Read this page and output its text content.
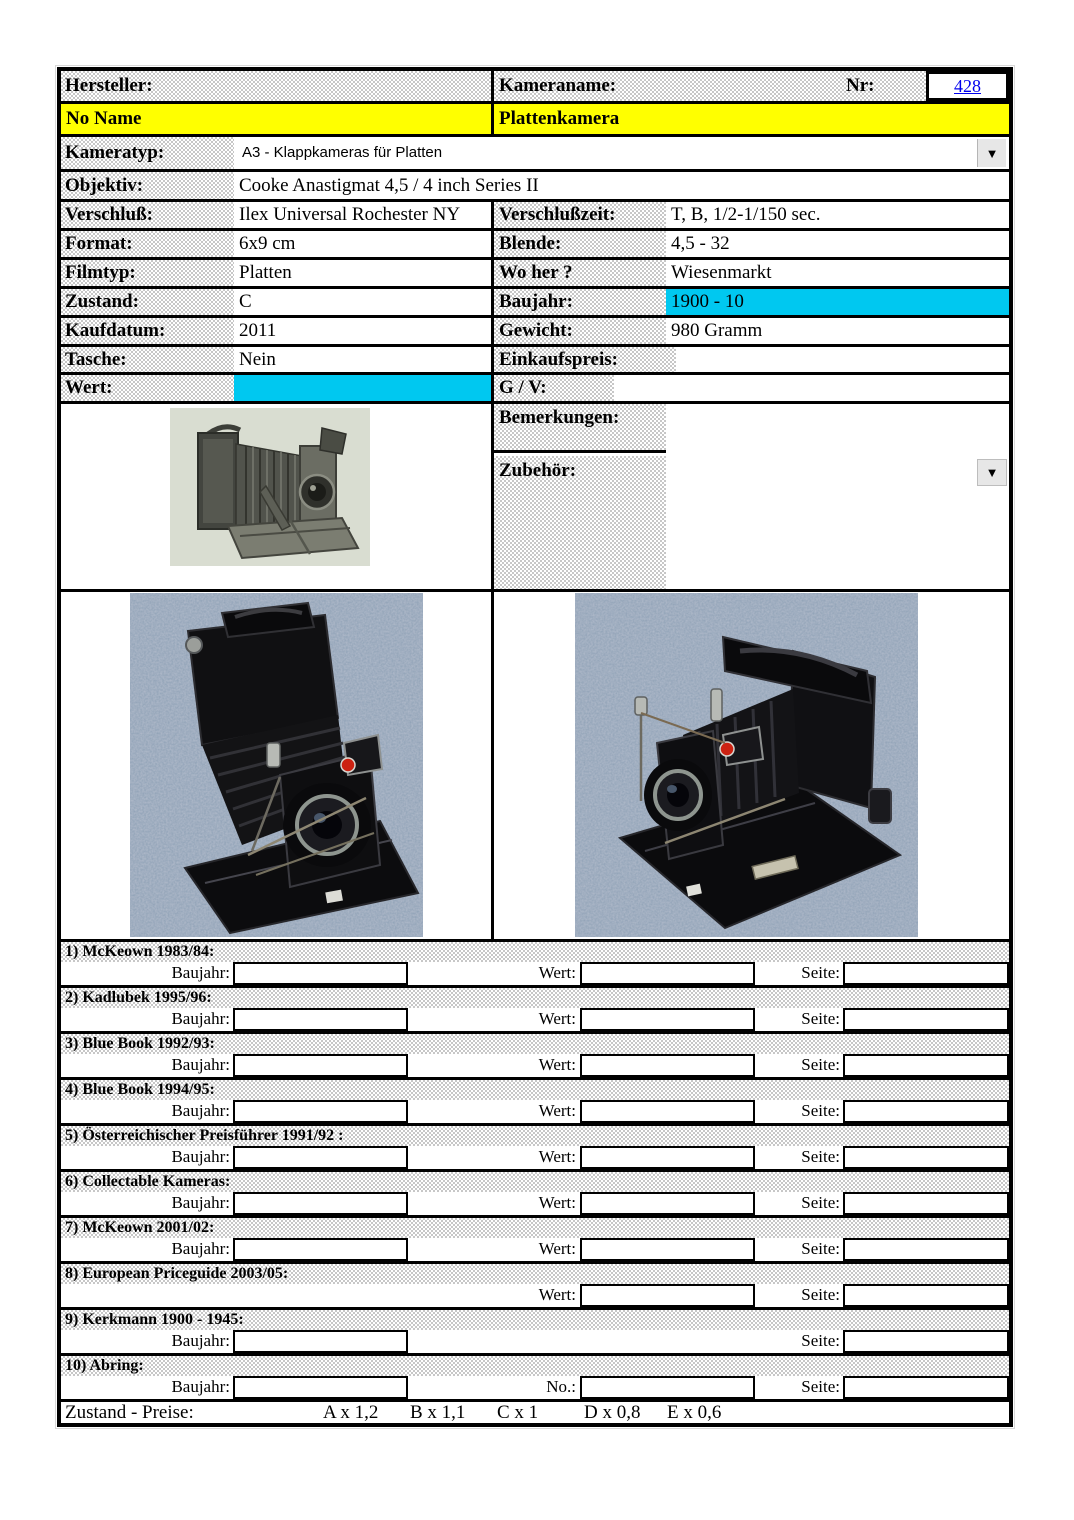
Hersteller:	Kameraname:	Nr:	428
No Name	Plattenkamera
Kameratyp:	A3 - Klappkameras für Platten	▼
Objektiv:	Cooke Anastigmat 4,5 / 4 inch Series II
Verschluß:	Ilex Universal Rochester NY	Verschlußzeit:	T, B, 1/2-1/150 sec.
Format:	6x9 cm	Blende:	4,5 - 32
Filmtyp:	Platten	Wo her ?	Wiesenmarkt
Zustand:	C	Baujahr:	1900 - 10
Kaufdatum:	2011	Gewicht:	980 Gramm
Tasche:	Nein	Einkaufspreis:
Wert:	G / V:
Bemerkungen:
Zubehör:	▼
1) McKeown 1983/84:
Baujahr:	Wert:	Seite:
2) Kadlubek 1995/96:
Baujahr:	Wert:	Seite:
3) Blue Book 1992/93:
Baujahr:	Wert:	Seite:
4) Blue Book 1994/95:
Baujahr:	Wert:	Seite:
5) Österreichischer Preisführer 1991/92 :
Baujahr:	Wert:	Seite:
6) Collectable Kameras:
Baujahr:	Wert:	Seite:
7) McKeown 2001/02:
Baujahr:	Wert:	Seite:
8) European Priceguide 2003/05:
Wert:	Seite:
9) Kerkmann 1900 - 1945:
Baujahr:	Seite:
10) Abring:
Baujahr:	No.:	Seite:
Zustand - Preise:	A x 1,2 B x 1,1 C x 1 D x 0,8 E x 0,6
